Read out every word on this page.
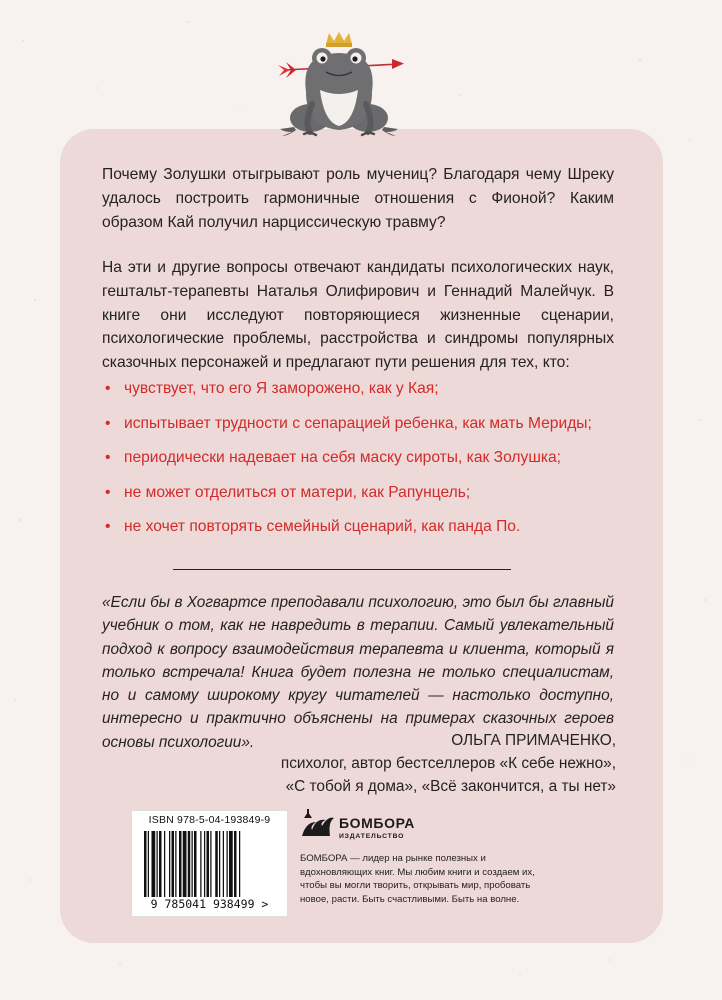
Почему Золушки отыгрывают роль мучениц? Благодаря чему Шреку удалось построить гармоничные отношения с Фионой? Каким образом Кай получил нарциссическую травму?

На эти и другие вопросы отвечают кандидаты психологических наук, гештальт-терапевты Наталья Олифирович и Геннадий Малейчук. В книге они исследуют повторяющиеся жизненные сценарии, психологические проблемы, расстройства и синдромы популярных сказочных персонажей и предлагают пути решения для тех, кто:

• чувствует, что его Я заморожено, как у Кая;
• испытывает трудности с сепарацией ребенка, как мать Мериды;
• периодически надевает на себя маску сироты, как Золушка;
• не может отделиться от матери, как Рапунцель;
• не хочет повторять семейный сценарий, как панда По.

«Если бы в Хогвартсе преподавали психологию, это был бы главный учебник о том, как не навредить в терапии. Самый увлекательный подход к вопросу взаимодействия терапевта и клиента, который я только встречала! Книга будет полезна не только специалистам, но и самому широкому кругу читателей — настолько доступно, интересно и практично объяснены на примерах сказочных героев основы психологии».	ОЛЬГА ПРИМАЧЕНКО,
психолог, автор бестселлеров «К себе нежно»,
«С тобой я дома», «Всё закончится, а ты нет»
ISBN 978-5-04-193849-9
9 785041 938499 >
БОМБОРА
ИЗДАТЕЛЬСТВО

БОМБОРА — лидер на рынке полезных и вдохновляющих книг. Мы любим книги и создаем их, чтобы вы могли творить, открывать мир, пробовать новое, расти. Быть счастливыми. Быть на волне.
